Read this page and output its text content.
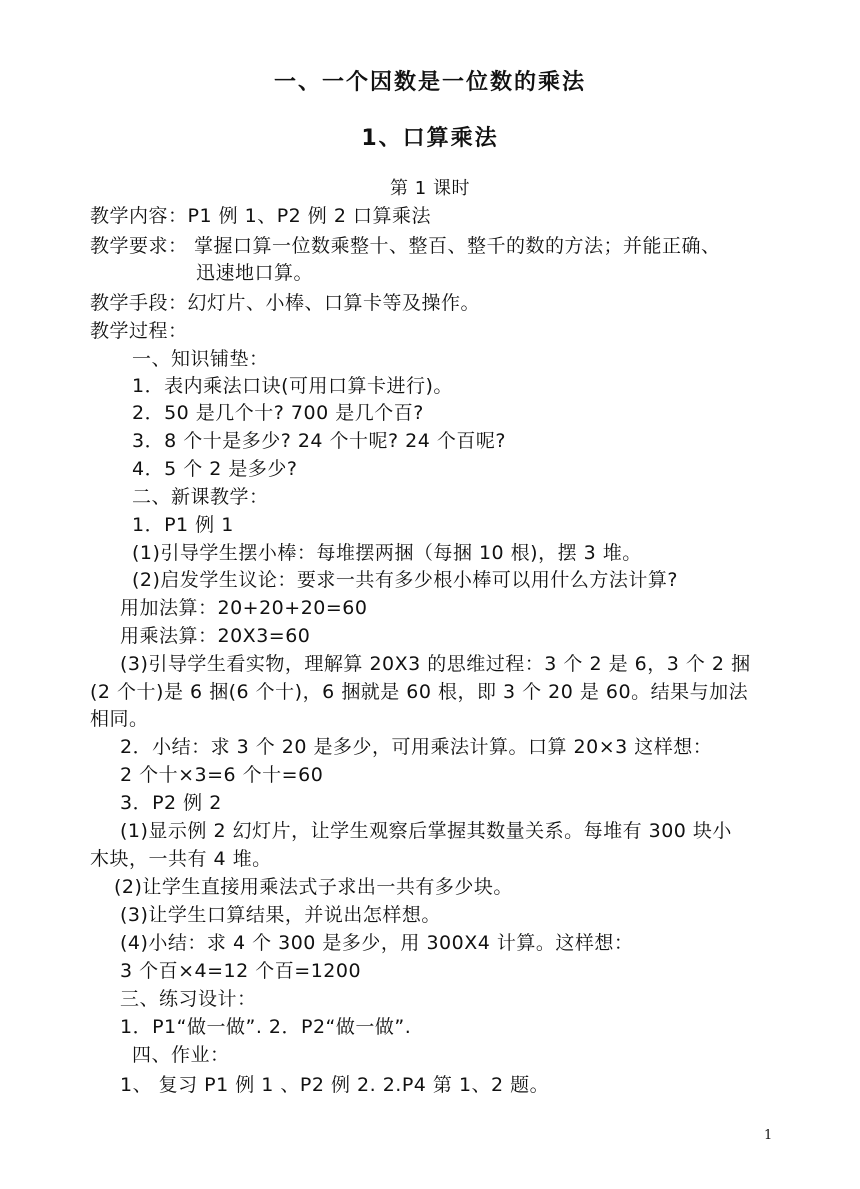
一、一个因数是一位数的乘法
1、口算乘法
第 1 课时
教学内容：P1 例 1、P2 例 2 口算乘法
教学要求： 掌握口算一位数乘整十、整百、整千的数的方法；并能正确、
迅速地口算。
教学手段：幻灯片、小棒、口算卡等及操作。
教学过程：
一、知识铺垫：
1．表内乘法口诀(可用口算卡进行)。
2．50 是几个十? 700 是几个百?
3．8 个十是多少? 24 个十呢? 24 个百呢?
4．5 个 2 是多少?
二、新课教学：
1．P1 例 1
(1)引导学生摆小棒：每堆摆两捆（每捆 10 根)，摆 3 堆。
(2)启发学生议论：要求一共有多少根小棒可以用什么方法计算?
用加法算：20+20+20=60
用乘法算：20X3=60
(3)引导学生看实物，理解算 20X3 的思维过程：3 个 2 是 6，3 个 2 捆
(2 个十)是 6 捆(6 个十)，6 捆就是 60 根，即 3 个 20 是 60。结果与加法
相同。
2．小结：求 3 个 20 是多少，可用乘法计算。口算 20×3 这样想：
2 个十×3=6 个十=60
3．P2 例 2
(1)显示例 2 幻灯片，让学生观察后掌握其数量关系。每堆有 300 块小
木块，一共有 4 堆。
(2)让学生直接用乘法式子求出一共有多少块。
(3)让学生口算结果，并说出怎样想。
(4)小结：求 4 个 300 是多少，用 300X4 计算。这样想：
3 个百×4=12 个百=1200
三、练习设计：
1．P1“做一做”. 2．P2“做一做”.
四、作业：
1、 复习 P1 例 1 、P2 例 2. 2.P4 第 1、2 题。
1
